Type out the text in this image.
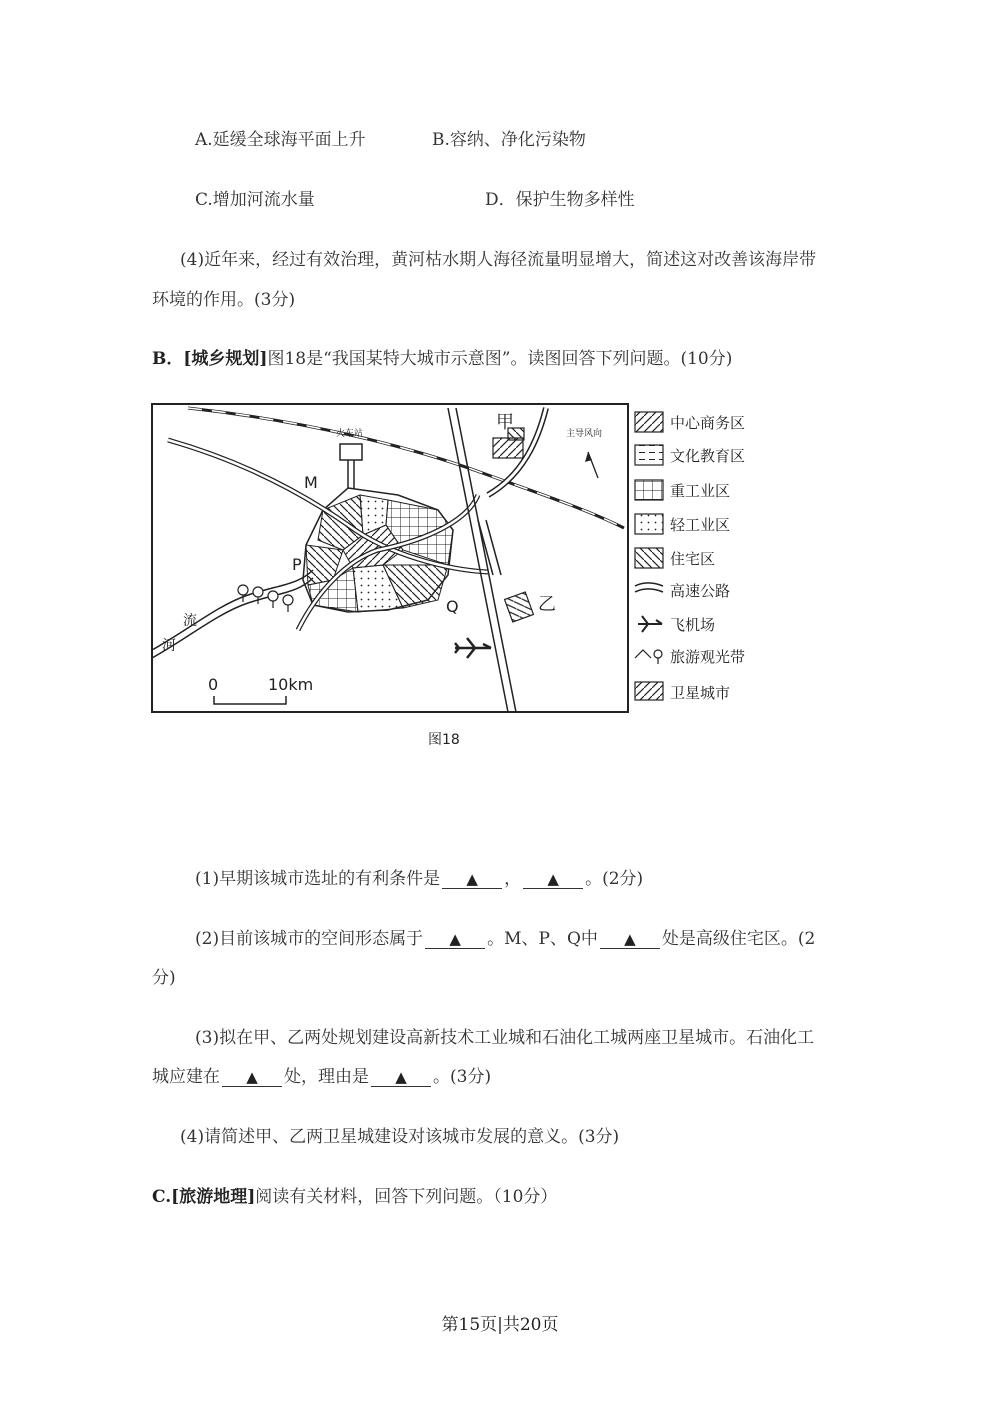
A.延缓全球海平面上升	B.容纳、净化污染物
C.增加河流水量	D．保护生物多样性
(4)近年来，经过有效治理，黄河枯水期人海径流量明显增大，简述这对改善该海岸带
环境的作用。(3分)
B．[城乡规划]图18是“我国某特大城市示意图”。读图回答下列问题。(10分)
火车站
流
河
甲
乙
M
P
Q
主导风向
0	10km
中心商务区
文化教育区
重工业区
轻工业区
住宅区
高速公路
飞机场
旅游观光带
卫星城市
图18
(1)早期该城市选址的有利条件是 ▲ ， ▲ 。(2分)
(2)目前该城市的空间形态属于 ▲ 。M、P、Q中 ▲ 处是高级住宅区。(2
分)
(3)拟在甲、乙两处规划建设高新技术工业城和石油化工城两座卫星城市。石油化工
城应建在 ▲ 处，理由是 ▲ 。(3分)
(4)请简述甲、乙两卫星城建设对该城市发展的意义。(3分)
C.[旅游地理]阅读有关材料，回答下列问题。（10分）
第15页|共20页
